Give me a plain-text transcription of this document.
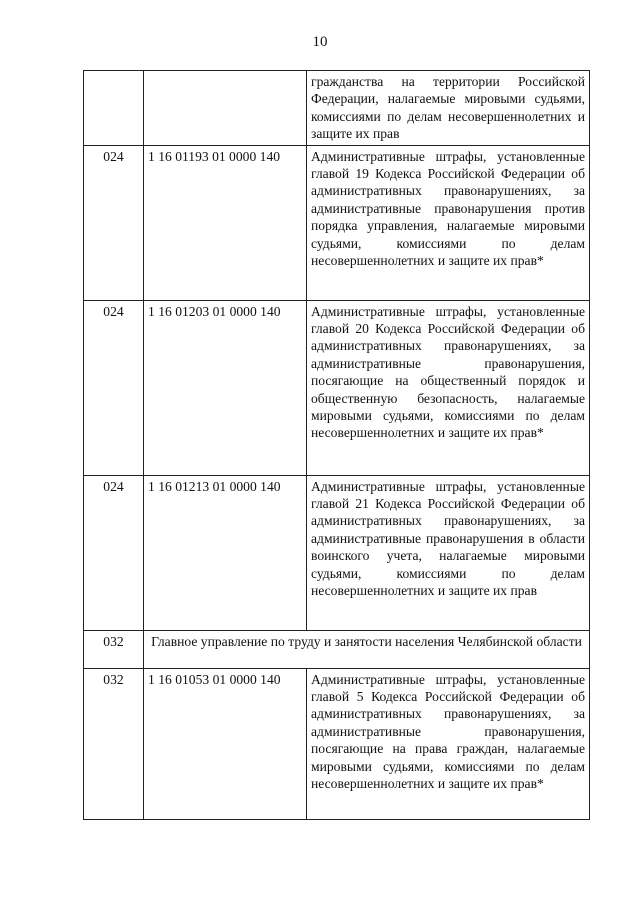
10
		гражданства на территории Российской Федерации, налагаемые мировыми судьями, комиссиями по делам несовершеннолетних и защите их прав
024	1 16 01193 01 0000 140	Административные штрафы, установленные главой 19 Кодекса Российской Федерации об административных правонарушениях, за административные правонарушения против порядка управления, налагаемые мировыми судьями, комиссиями по делам несовершеннолетних и защите их прав*
024	1 16 01203 01 0000 140	Административные штрафы, установленные главой 20 Кодекса Российской Федерации об административных правонарушениях, за административные правонарушения, посягающие на общественный порядок и общественную безопасность, налагаемые мировыми судьями, комиссиями по делам несовершеннолетних и защите их прав*
024	1 16 01213 01 0000 140	Административные штрафы, установленные главой 21 Кодекса Российской Федерации об административных правонарушениях, за административные правонарушения в области воинского учета, налагаемые мировыми судьями, комиссиями по делам несовершеннолетних и защите их прав
032	Главное управление по труду и занятости населения Челябинской области	
032	1 16 01053 01 0000 140	Административные штрафы, установленные главой 5 Кодекса Российской Федерации об административных правонарушениях, за административные правонарушения, посягающие на права граждан, налагаемые мировыми судьями, комиссиями по делам несовершеннолетних и защите их прав*
